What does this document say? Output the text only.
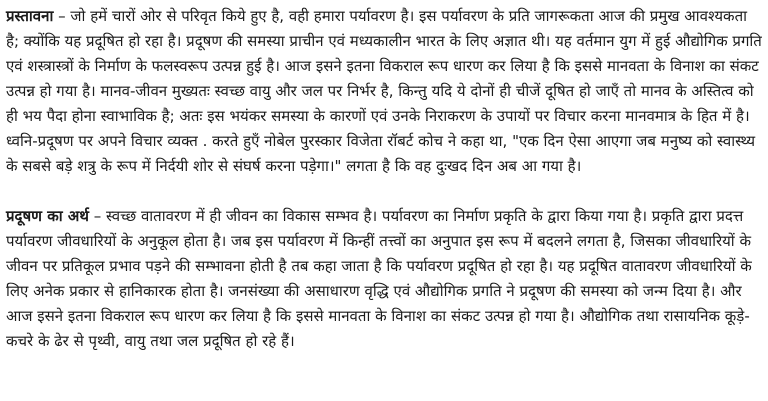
प्रस्तावना – जो हमें चारों ओर से परिवृत किये हुए है, वही हमारा पर्यावरण है। इस पर्यावरण के प्रति जागरूकता आज की प्रमुख आवश्यकता है; क्योंकि यह प्रदूषित हो रहा है। प्रदूषण की समस्या प्राचीन एवं मध्यकालीन भारत के लिए अज्ञात थी। यह वर्तमान युग में हुई औद्योगिक प्रगति एवं शस्त्रास्त्रों के निर्माण के फलस्वरूप उत्पन्न हुई है। आज इसने इतना विकराल रूप धारण कर लिया है कि इससे मानवता के विनाश का संकट उत्पन्न हो गया है। मानव-जीवन मुख्यतः स्वच्छ वायु और जल पर निर्भर है, किन्तु यदि ये दोनों ही चीजें दूषित हो जाएँ तो मानव के अस्तित्व को ही भय पैदा होना स्वाभाविक है; अतः इस भयंकर समस्या के कारणों एवं उनके निराकरण के उपायों पर विचार करना मानवमात्र के हित में है। ध्वनि-प्रदूषण पर अपने विचार व्यक्त . करते हुएँ नोबेल पुरस्कार विजेता रॉबर्ट कोच ने कहा था, "एक दिन ऐसा आएगा जब मनुष्य को स्वास्थ्य के सबसे बड़े शत्रु के रूप में निर्दयी शोर से संघर्ष करना पड़ेगा।" लगता है कि वह दुःखद दिन अब आ गया है।

प्रदूषण का अर्थ – स्वच्छ वातावरण में ही जीवन का विकास सम्भव है। पर्यावरण का निर्माण प्रकृति के द्वारा किया गया है। प्रकृति द्वारा प्रदत्त पर्यावरण जीवधारियों के अनुकूल होता है। जब इस पर्यावरण में किन्हीं तत्त्वों का अनुपात इस रूप में बदलने लगता है, जिसका जीवधारियों के जीवन पर प्रतिकूल प्रभाव पड़ने की सम्भावना होती है तब कहा जाता है कि पर्यावरण प्रदूषित हो रहा है। यह प्रदूषित वातावरण जीवधारियों के लिए अनेक प्रकार से हानिकारक होता है। जनसंख्या की असाधारण वृद्धि एवं औद्योगिक प्रगति ने प्रदूषण की समस्या को जन्म दिया है। और आज इसने इतना विकराल रूप धारण कर लिया है कि इससे मानवता के विनाश का संकट उत्पन्न हो गया है। औद्योगिक तथा रासायनिक कूड़े-कचरे के ढेर से पृथ्वी, वायु तथा जल प्रदूषित हो रहे हैं।
